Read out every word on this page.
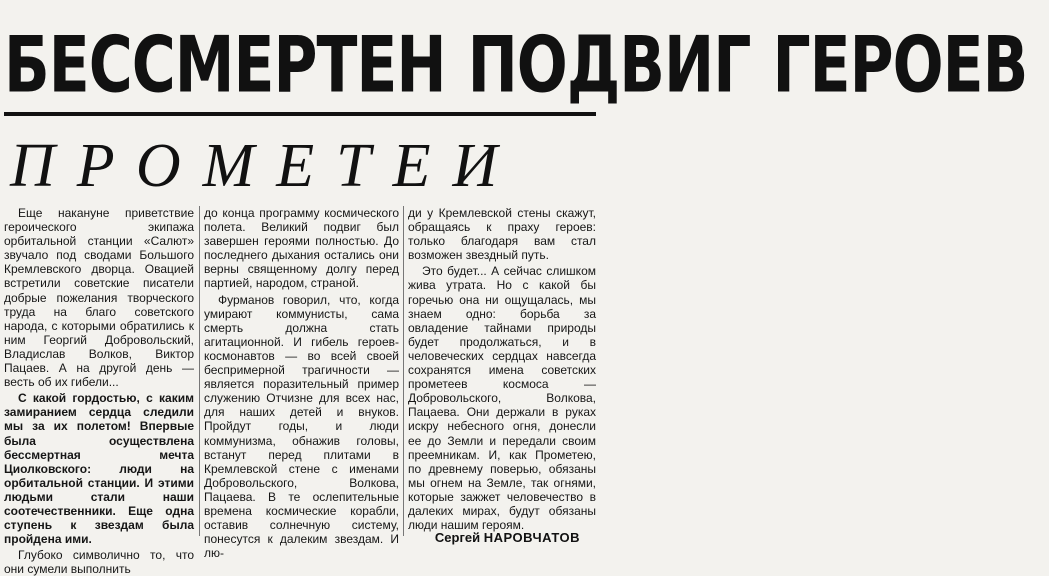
БЕССМЕРТЕН ПОДВИГ ГЕРОЕВ
ПРОМЕТЕИ

Еще накануне приветствие героического экипажа орбитальной станции «Салют» звучало под сводами Большого Кремлевского дворца. Овацией встретили советские писатели добрые пожелания творческого труда на благо советского народа, с которыми обратились к ним Георгий Добровольский, Владислав Волков, Виктор Пацаев. А на другой день — весть об их гибели...

С какой гордостью, с каким замиранием сердца следили мы за их полетом! Впервые была осуществлена бессмертная мечта Циолковского: люди на орбитальной станции. И этими людьми стали наши соотечественники. Еще одна ступень к звездам была пройдена ими.

Глубоко символично то, что они сумели выполнить

до конца программу космического полета. Великий подвиг был завершен героями полностью. До последнего дыхания остались они верны священному долгу перед партией, народом, страной.

Фурманов говорил, что, когда умирают коммунисты, сама смерть должна стать агитационной. И гибель героев-космонавтов — во всей своей беспримерной трагичности — является поразительный пример служению Отчизне для всех нас, для наших детей и внуков. Пройдут годы, и люди коммунизма, обнажив головы, встанут перед плитами в Кремлевской стене с именами Добровольского, Волкова, Пацаева. В те ослепительные времена космические корабли, оставив солнечную систему, понесутся к далеким звездам. И лю-

ди у Кремлевской стены скажут, обращаясь к праху героев: только благодаря вам стал возможен звездный путь.

Это будет... А сейчас слишком жива утрата. Но с какой бы горечью она ни ощущалась, мы знаем одно: борьба за овладение тайнами природы будет продолжаться, и в человеческих сердцах навсегда сохранятся имена советских прометеев космоса — Добровольского, Волкова, Пацаева. Они держали в руках искру небесного огня, донесли ее до Земли и передали своим преемникам. И, как Прометею, по древнему поверью, обязаны мы огнем на Земле, так огнями, которые зажжет человечество в далеких мирах, будут обязаны люди нашим героям.

Сергей НАРОВЧАТОВ
